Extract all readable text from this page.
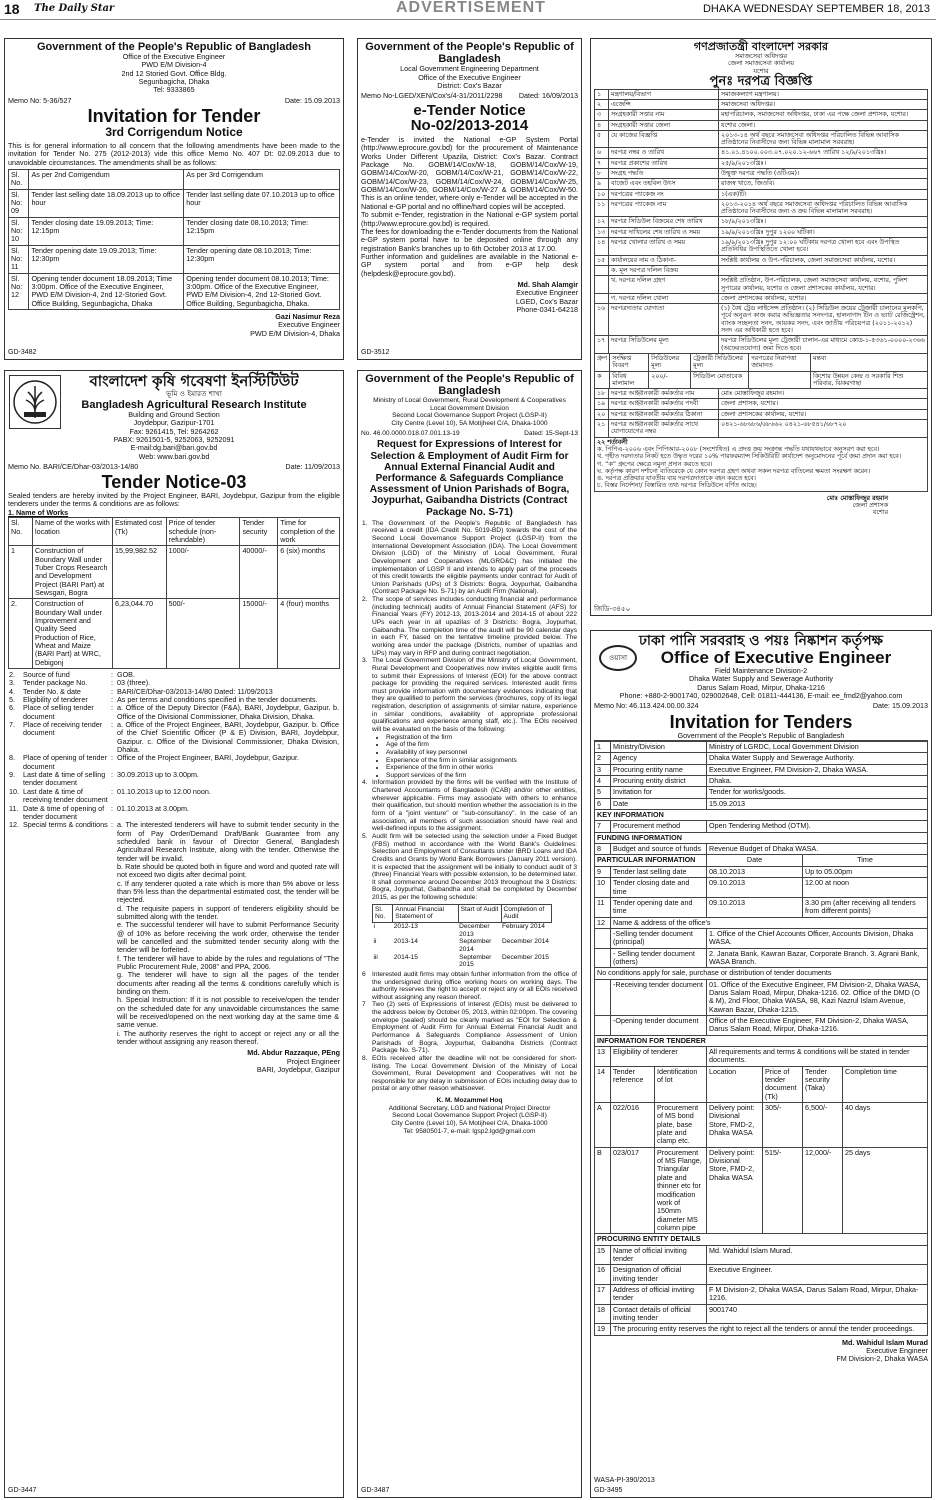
18 The Daily Star	ADVERTISEMENT	DHAKA WEDNESDAY SEPTEMBER 18, 2013
Government of the People's Republic of Bangladesh
Office of the Executive Engineer
PWD E/M Division-4
2nd 12 Storied Govt. Office Bldg.
Segunbagicha, Dhaka
Tel: 9333865
Memo No: 5-36/527	Date: 15.09.2013
Invitation for Tender
3rd Corrigendum Notice
This is for general information to all concern that the following amendments have been made to the invitation for Tender No. 275 (2012-2013) vide this office Memo No. 407 Dt: 02.09.2013 due to unavoidable circumstances. The amendments shall be as follows:
Sl. No.	As per 2nd Corrigendum	As per 3rd Corrigendum
Sl. No: 09	Tender last selling date 18.09.2013 up to office hour	Tender last selling date 07.10.2013 up to office hour
Sl. No: 10	Tender closing date 19.09.2013; Time: 12:15pm	Tender closing date 08.10.2013; Time: 12:15pm
Sl. No: 11	Tender opening date 19.09.2013; Time: 12:30pm	Tender opening date 08.10.2013; Time: 12:30pm
Sl. No: 12	Opening tender document 18.09.2013; Time 3:00pm. Office of the Executive Engineer, PWD E/M Division-4, 2nd 12-Storied Govt. Office Building, Segunbagicha, Dhaka	Opening tender document 08.10.2013; Time: 3:00pm. Office of the Executive Engineer, PWD E/M Division-4, 2nd 12-Storied Govt. Office Building, Segunbagicha, Dhaka.
Gazi Nasimur Reza
Executive Engineer
PWD E/M Division-4, Dhaka
GD-3482
Government of the People's Republic of Bangladesh
Local Government Engineering Department
Office of the Executive Engineer
District: Cox's Bazar
Memo No-LGED/XEN/Cox's/4-31/2011/2298 Dated: 16/09/2013
e-Tender Notice
No-02/2013-2014
e-Tender is invited the National e-GP System Portal (http://www.eprocure.gov.bd) for the procurement of Maintenance Works Under Different Upazila, District: Cox's Bazar. Contract Package No. GOBM/14/Cox/W-18, GOBM/14/Cox/W-19, GOBM/14/Cox/W-20, GOBM/14/Cox/W-21, GOBM/14/Cox/W-22, GOBM/14/Cox/W-23, GOBM/14/Cox/W-24, GOBM/14/Cox/W-25, GOBM/14/Cox/W-26, GOBM/14/Cox/W-27 & GOBM/14/Cox/W-50. This is an online tender, where only e-Tender will be accepted in the National e-GP portal and no offline/hard copies will be accepted.
To submit e-Tender, registration in the National e-GP system portal (http://www.eprocure.gov.bd) is required.
The fees for downloading the e-Tender documents from the National e-GP system portal have to be deposited online through any registration Bank's branches up to 6th October 2013 at 17.00.
Further information and guidelines are available in the National e-GP system portal and from e-GP help desk (helpdesk@eprocure.gov.bd).
Md. Shah Alamgir
Executive Engineer
LGED, Cox's Bazar
Phone-0341-64218
GD-3512
গণপ্রজাতন্ত্রী বাংলাদেশ সরকার
সমাজসেবা অধিদপ্তর
জেলা সমাজসেবা কার্যালয়
যশোর
পুনঃ দরপত্র বিজ্ঞপ্তি
১	মন্ত্রণালয়/বিভাগ	সমাজকল্যাণ মন্ত্রণালয়।
২	এজেন্সি	সমাজসেবা অধিদপ্তর।
৩	সংগ্রহকারী সত্তার নাম	মহাপরিচালক, সমাজসেবা অধিদপ্তর, ঢাকা এর পক্ষে জেলা প্রশাসক, যশোর।
৪	সংগ্রহকারী সত্তার জেলা	যশোর জেলা।
৫	যে কাজের বিজ্ঞপ্তি	২০১৩-১৪ অর্থ বছরে সমাজসেবা অধিদপ্তর পরিচালিত বিভিন্ন আবাসিক প্রতিষ্ঠানের নিবাসীদের জন্য বিভিন্ন মালামাল সরবরাহ।
৬	দরপত্র নম্বর ও তারিখ	৪১.০১.৪১০০.০০৩.০৭.০২০.১২-৬৬৭ তারিখ ১২/৯/২০১৩খ্রিঃ।
৭	দরপত্র প্রকাশের তারিখ	২৫/৯/২০১৩খ্রিঃ।
৮	সংগ্রহ পদ্ধতি	উন্মুক্ত দরপত্র পদ্ধতি (ওটিএম)।
৯	বাজেট এবং তহবিল উৎস	রাজস্ব খাতে, জিওবি।
১০	দরপত্রের প্যাকেজ নং	১(এক)টি।
১১	দরপত্রের প্যাকেজ নাম	২০১৩-২০১৪ অর্থ বছরে সমাজসেবা অধিদপ্তর পরিচালিত বিভিন্ন আবাসিক প্রতিষ্ঠানের নিবাসীদের জন্য ও ক্রয় বিভিন্ন মালামাল সরবরাহ।
১২	দরপত্র সিডিউল বিক্রয়ের শেষ তারিখ	১৮/৯/২০১৩খ্রিঃ।
১৩	দরপত্র দাখিলের শেষ তারিখ ও সময়	১৯/৯/২০১৩খ্রিঃ দুপুর ১২০০ ঘটিকা।
১৪	দরপত্র খোলার তারিখ ও সময়	১৯/৯/২০১৩খ্রিঃ দুপুর ১২:০০ ঘটিকায় দরপত্র খোলা হবে এবং উপস্থিত প্রতিনিধির উপস্থিতিতে খোলা হবে।
১৫	কার্যালয়ের নাম ও ঠিকানা-	সংশ্লিষ্ট কার্যালয় ও উপ-পরিচালক, জেলা সমাজসেবা কার্যালয়, যশোর।
	ক. মূল দরপত্র দলিল বিক্রয়	
	খ. দরপত্র দলিল গ্রহণ	সংশ্লিষ্ট প্রতিষ্ঠান, উপ-পরিচালক, জেলা সমাজসেবা কার্যালয়, যশোর, পুলিশ সুপারের কার্যালয়, যশোর ও জেলা প্রশাসকের কার্যালয়, যশোর।
	গ. দরপত্র দলিল খোলা	জেলা প্রশাসকের কার্যালয়, যশোর।
১৬	দরপত্রদাতার যোগ্যতা	(১) বৈধ ট্রেড লাইসেন্স প্রতিষ্ঠান। (২) সিডিউল ক্রয়ের ট্রেজারী চালানের মূলকপি, পূর্বে অনুরূপ কাজ করার অভিজ্ঞতার সনদপত্র, হালনাগাদ টিন ও ভ্যাট রেজিস্ট্রেশন, ব্যাংক সচ্ছলতা সনদ, আয়কর সনদ, এবং জাতীয় পরিচয়পত্র (২০১১-২০১২) সনদ এর অধিকারী হতে হবে।
১৭	দরপত্র সিডিউলের মূল্য	দরপত্র সিডিউলের মূল্য ট্রেজারী চালান-এর মাধ্যমে কোড-১-৫৩৬১-০০০০-২৩৬৬ (অফেরতযোগ্য) জমা দিতে হবে।
গ্রুপ	সংক্ষিপ্ত বিবরণ	সিডিউলের মূল্য	ট্রেজারী সিডিউলের মূল্য	দরপত্রের নিরাপত্তা জামানত	মন্তব্য
ক	বিবিধ মালামাল	২০০/-	সিডিউল মোতাবেক		কিশোর উন্নয়ন কেন্দ্র ও সরকারি শিশু পরিবার, ঝিকরগাছা
১৮	দরপত্র আহ্বানকারী কর্মকর্তার নাম	মোঃ মোস্তাফিজুর রহমান।
১৯	দরপত্র আহ্বানকারী কর্মকর্তার পদবী	জেলা প্রশাসক, যশোর।
২০	দরপত্র আহ্বানকারী কর্মকর্তার ঠিকানা	জেলা প্রশাসকের কার্যালয়, যশোর।
২১	দরপত্র আহ্বানকারী কর্মকর্তার সাথে যোগাযোগের নম্বর	০৪২১-৬৮৬৮৬/৬৮৬৬২ ০৪২১-৬৮৫৪১/৬৮৭২০
২২ শর্তাবলী
ক. পিপিএ-২০০৬ এবং পিপিআর-২০০৮ (সংশোধিত) এ প্রদত্ত ক্রয় সংক্রান্ত পদ্ধতি যথাযথভাবে অনুসরণ করা হবে।
খ. গৃহীত দরদাতার নিকট হতে উদ্ধৃত দরের ১০% পারফরম্যান্স সিকিউরিটি কার্যাদেশ অনুমোদনের পূর্বে জমা প্রদান করা হবে।
গ. “ক” গ্রুপের ক্ষেত্রে নমুনা প্রদান করতে হবে।
ঘ. কর্তৃপক্ষ কারণ দর্শানো ব্যতিরেকে যে কোন দরপত্র গ্রহণ অথবা সকল দরপত্র বাতিলের ক্ষমতা সংরক্ষণ করেন।
ঙ. দরপত্র প্রক্রিয়ার যাবতীয় ব্যয় দরপত্রদাতাকে বহন করতে হবে।
চ. বিস্তর নির্দেশনা/ বিস্তারিত তথ্য দরপত্র সিডিউলে বর্ণিত আছে।
মোঃ মোস্তাফিজুর রহমান
জেলা প্রশাসক
যশোর
জিডি-৩৪৫০
বাংলাদেশ কৃষি গবেষণা ইনস্টিটিউট
ভূমি ও ইমারত শাখা
Bangladesh Agricultural Research Institute
Building and Ground Section
Joydebpur, Gazipur-1701
Fax: 9261415, Tel: 9264262
PABX: 9261501-5, 9252063, 9252091
E-mail:dg.bari@bari.gov.bd
Web: www.bari.gov.bd
Memo No. BARI/CE/Dhar-03/2013-14/80	Date: 11/09/2013
Tender Notice-03
Sealed tenders are hereby invited by the Project Engineer, BARI, Joydebpur, Gazipur from the eligible tenderers under the terms & conditions are as follows:
1. Name of Works
Sl. No.	Name of the works with location	Estimated cost (Tk)	Price of tender schedule (non-refundable)	Tender security	Time for completion of the work
1	Construction of Boundary Wall under Tuber Crops Research and Development Project (BARI Part) at Sewsgari, Bogra	15,99,982.52	1000/-	40000/-	6 (six) months
2.	Construction of Boundary Wall under Improvement and Quality Seed Production of Rice, Wheat and Maize (BARI Part) at WRC, Debigonj	6,23,044.70	500/-	15000/-	4 (four) months
2.	Source of fund	:	GOB.
3.	Tender package No.	:	03 (three).
4.	Tender No. & date	:	BARI/CE/Dhar-03/2013-14/80 Dated: 11/09/2013
5.	Eligibility of tenderer	:	As per terms and conditions specified in the tender documents.
6.	Place of selling tender document	:	a. Office of the Deputy Director (F&A), BARI, Joydebpur, Gazipur. b. Office of the Divisional Commissioner, Dhaka Division, Dhaka.
7.	Place of receiving tender document	:	a. Office of the Project Engineer, BARI, Joydebpur, Gazipur. b. Office of the Chief Scientific Officer (P & E) Division, BARI, Joydebpur, Gazipur. c. Office of the Divisional Commissioner, Dhaka Division, Dhaka.
8.	Place of opening of tender document	:	Office of the Project Engineer, BARI, Joydebpur, Gazipur.
9.	Last date & time of selling tender document	:	30.09.2013 up to 3.00pm.
10.	Last date & time of receiving tender document	:	01.10.2013 up to 12.00 noon.
11.	Date & time of opening of tender document	:	01.10.2013 at 3.00pm.
12.	Special terms & conditions	:	a. The interested tenderers will have to submit tender security in the form of Pay Order/Demand Draft/Bank Guarantee from any scheduled bank in favour of Director General, Bangladesh Agricultural Research Institute, along with the tender. Otherwise the tender will be invalid.
b. Rate should be quoted both in figure and word and quoted rate will not exceed two digits after decimal point.
c. If any tenderer quoted a rate which is more than 5% above or less than 5% less than the departmental estimated cost, the tender will be rejected.
d. The requisite papers in support of tenderers eligibility should be submitted along with the tender.
e. The successful tenderer will have to submit Performance Security @ of 10% as before receiving the work order, otherwise the tender will be cancelled and the submitted tender security along with the tender will be forfeited.
f. The tenderer will have to abide by the rules and regulations of "The Public Procurement Rule, 2008" and PPA, 2006.
g. The tenderer will have to sign all the pages of the tender documents after reading all the terms & conditions carefully which is binding on them.
h. Special Instruction: If it is not possible to receive/open the tender on the scheduled date for any unavoidable circumstances the same will be received/opened on the next working day at the same time & same venue.
i. The authority reserves the right to accept or reject any or all the tender without assigning any reason thereof.
Md. Abdur Razzaque, PEng
Project Engineer
BARI, Joydebpur, Gazipur
GD-3447
Government of the People's Republic of Bangladesh
Ministry of Local Government, Rural Development & Cooperatives
Local Government Division
Second Local Governance Support Project (LGSP-II)
City Centre (Level 10), 5A Motijheel C/A, Dhaka-1000
No. 46.00.0000.018.07.001.13-19	Dated: 15-Sept-13
Request for Expressions of Interest for Selection & Employment of Audit Firm for Annual External Financial Audit and Performance & Safeguards Compliance Assessment of Union Parishads of Bogra, Joypurhat, Gaibandha Districts (Contract Package No. S-71)
1.	The Government of the People's Republic of Bangladesh has received a credit (IDA Credit No. 5019-BD) towards the cost of the Second Local Governance Support Project (LGSP-II) from the International Development Association (IDA). The Local Government Division (LGD) of the Ministry of Local Government, Rural Development and Cooperatives (MLGRD&C) has initiated the implementation of LGSP II and intends to apply part of the proceeds of this credit towards the eligible payments under contract for Audit of Union Parishads (UPs) of 3 Districts: Bogra, Joypurhat, Gaibandha (Contract Package No. S-71) by an Audit Firm (National).
2.	The scope of services includes conducting financial and performance (including technical) audits of Annual Financial Statement (AFS) for Financial Years (FY) 2012-13, 2013-2014 and 2014-15 of about 222 UPs each year in all upazilas of 3 Districts: Bogra, Joypurhat, Gaibandha. The completion time of the audit will be 90 calendar days in each FY, based on the tentative timeline provided below. The working area under the package (Districts, number of upazilas and UPs) may vary in RFP and during contract negotiation.
3.	The Local Government Division of the Ministry of Local Government, Rural Development and Cooperatives now invites eligible audit firms to submit their Expressions of Interest (EOI) for the above contract package for providing the required services. Interested audit firms must provide information with documentary evidences indicating that they are qualified to perform the services (brochures, copy of its legal registration, description of assignments of similar nature, experience in similar conditions, availability of appropriate professional qualifications and experience among staff, etc.). The EOIs received will be evaluated on the basis of the following:
• Registration of the firm
• Age of the firm
• Availability of key personnel
• Experience of the firm in similar assignments
• Experience of the firm in other works
• Support services of the firm

4.	Information provided by the firms will be verified with the Institute of Chartered Accountants of Bangladesh (ICAB) and/or other entities, wherever applicable. Firms may associate with others to enhance their qualification, but should mention whether the association is in the form of a "joint venture" or "sub-consultancy". In the case of an association, all members of such association should have real and well-defined inputs to the assignment.
5.	Audit firm will be selected using the selection under a Fixed Budget (FBS) method in accordance with the World Bank's Guidelines: Selection and Employment of Consultants under IBRD Loans and IDA Credits and Grants by World Bank Borrowers (January 2011 version). It is expected that the assignment will be initially to conduct audit of 3 (three) Financial Years with possible extension, to be determined later. It shall commence around December 2013 throughout the 3 Districts: Bogra, Joypurhat, Gaibandha and shall be completed by December 2015, as per the following schedule:
Sl. No.	Annual Financial Statement of	Start of Audit	Completion of Audit
i	2012-13	December 2013	February 2014
ii	2013-14	September 2014	December 2014
iii	2014-15	September 2015	December 2015

6	Interested audit firms may obtain further information from the office of the undersigned during office working hours on working days. The authority reserves the right to accept or reject any or all EOIs received without assigning any reason thereof.
7	Two (2) sets of Expressions of Interest (EOIs) must be delivered to the address below by October 05, 2013, within 02:00pm. The covering envelope (sealed) should be clearly marked as "EOI for Selection & Employment of Audit Firm for Annual External Financial Audit and Performance & Safeguards Compliance Assessment of Union Parishads of Bogra, Joypurhat, Gaibandha Districts (Contract Package No. S-71).
8.	EOIs received after the deadline will not be considered for short-listing. The Local Government Division of the Ministry of Local Government, Rural Development and Cooperatives will not be responsible for any delay in submission of EOIs including delay due to postal or any other reason whatsoever.
K. M. Mozammel Hoq
Additional Secretary, LGD and National Project Director
Second Local Governance Support Project (LGSP-II)
City Centre (Level 10), 5A Motijheel C/A, Dhaka-1000
Tel: 9580501-7, e-mail: lgsp2.lgd@gmail.com
GD-3487
ওয়াসা
ঢাকা পানি সরবরাহ ও পয়ঃ নিষ্কাশন কর্তৃপক্ষ
Office of Executive Engineer
Field Maintenance Division-2
Dhaka Water Supply and Sewerage Authority
Darus Salam Road, Mirpur, Dhaka-1216
Phone: +880-2-9001740, 029002648, Cell: 01811-444136, E-mail: ee_fmd2@yahoo.com
Memo No: 46.113.424.00.00.324	Date: 15.09.2013
Invitation for Tenders
Government of the People's Republic of Bangladesh

1	Ministry/Division		Ministry of LGRDC, Local Government Division			
2	Agency		Dhaka Water Supply and Sewerage Authority.			
3	Procuring entity name		Executive Engineer, FM Division-2, Dhaka WASA.			
4	Procuring entity district		Dhaka.			
5	Invitation for		Tender for works/goods.			
6	Date		15.09.2013			
KEY INFORMATION						
7	Procurement method		Open Tendering Method (OTM).			
FUNDING INFORMATION						
8	Budget and source of funds		Revenue Budget of Dhaka WASA.			
PARTICULAR INFORMATION			Date		Time	
9	Tender last selling date		08.10.2013		Up to 05.00pm	
10	Tender closing date and time		09.10.2013		12.00 at noon	
11	Tender opening date and time		09.10.2013		3.30 pm (after receiving all tenders from different points)	
12	Name & address of the office's					
	-Selling tender document (principal)		1. Office of the Chief Accounts Officer, Accounts Division, Dhaka WASA.			
	- Selling tender document (others)		2. Janata Bank, Kawran Bazar, Corporate Branch. 3. Agrani Bank, WASA Branch.			
No conditions apply for sale, purchase or distribution of tender documents						
	-Receiving tender document		01. Office of the Executive Engineer, FM Division-2, Dhaka WASA, Darus Salam Road, Mirpur, Dhaka-1216. 02. Office of the DMD (O & M), 2nd Floor, Dhaka WASA, 98, Kazi Nazrul Islam Avenue, Kawran Bazar, Dhaka-1215.			
	-Opening tender document		Office of the Executive Engineer, FM Division-2, Dhaka WASA, Darus Salam Road, Mirpur, Dhaka-1216.			
INFORMATION FOR TENDERER						
13	Eligibility of tenderer		All requirements and terms & conditions will be stated in tender documents.			
14	Tender reference	Identification of lot	Location	Price of tender document (Tk)	Tender security (Taka)	Completion time
A	022/016	Procurement of MS bond plate, base plate and clamp etc.	Delivery point: Divisional Store, FMD-2, Dhaka WASA	305/-	6,500/-	40 days
B	023/017	Procurement of MS Flange, Triangular plate and thinner etc for modification work of 150mm diameter MS column pipe	Delivery point: Divisional Store, FMD-2, Dhaka WASA	515/-	12,000/-	25 days
PROCURING ENTITY DETAILS						
15	Name of official inviting tender		Md. Wahidul Islam Murad.			
16	Designation of official inviting tender		Executive Engineer.			
17	Address of official inviting tender		F M Division-2, Dhaka WASA, Darus Salam Road, Mirpur, Dhaka-1216.			
18	Contact details of official inviting tender		9001740			
19	The procuring entity reserves the right to reject all the tenders or annul the tender proceedings.					
Md. Wahidul Islam Murad
Executive Engineer
FM Division-2, Dhaka WASA
WASA-PI-390/2013
GD-3495
